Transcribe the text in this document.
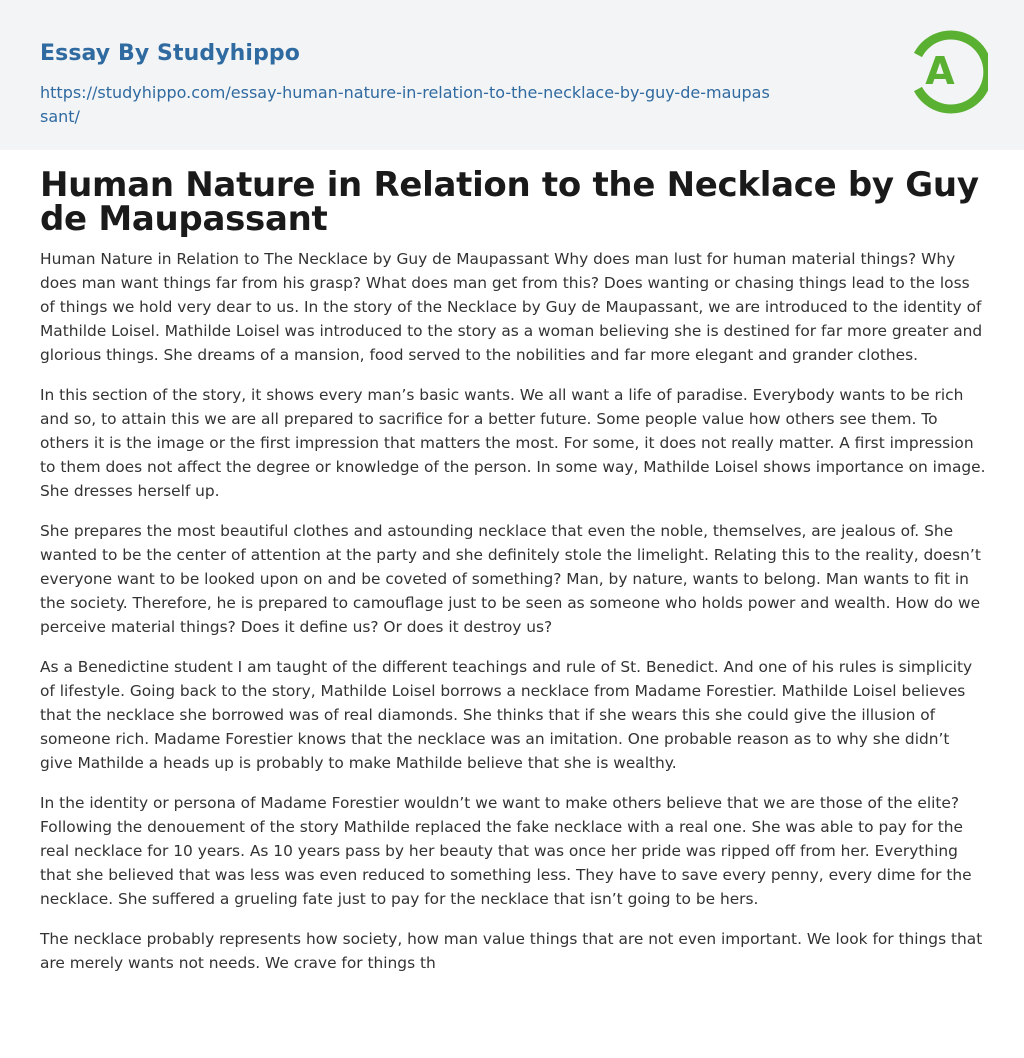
Essay By Studyhippo
https://studyhippo.com/essay-human-nature-in-relation-to-the-necklace-by-guy-de-maupassant/
A
Human Nature in Relation to the Necklace by Guy de Maupassant

Human Nature in Relation to The Necklace by Guy de Maupassant Why does man lust for human material things? Why does man want things far from his grasp? What does man get from this? Does wanting or chasing things lead to the loss of things we hold very dear to us. In the story of the Necklace by Guy de Maupassant, we are introduced to the identity of Mathilde Loisel. Mathilde Loisel was introduced to the story as a woman believing she is destined for far more greater and glorious things. She dreams of a mansion, food served to the nobilities and far more elegant and grander clothes.

In this section of the story, it shows every man’s basic wants. We all want a life of paradise. Everybody wants to be rich and so, to attain this we are all prepared to sacrifice for a better future. Some people value how others see them. To others it is the image or the first impression that matters the most. For some, it does not really matter. A first impression to them does not affect the degree or knowledge of the person. In some way, Mathilde Loisel shows importance on image. She dresses herself up.

She prepares the most beautiful clothes and astounding necklace that even the noble, themselves, are jealous of. She wanted to be the center of attention at the party and she definitely stole the limelight. Relating this to the reality, doesn’t everyone want to be looked upon on and be coveted of something? Man, by nature, wants to belong. Man wants to fit in the society. Therefore, he is prepared to camouflage just to be seen as someone who holds power and wealth. How do we perceive material things? Does it define us? Or does it destroy us?

As a Benedictine student I am taught of the different teachings and rule of St. Benedict. And one of his rules is simplicity of lifestyle. Going back to the story, Mathilde Loisel borrows a necklace from Madame Forestier. Mathilde Loisel believes that the necklace she borrowed was of real diamonds. She thinks that if she wears this she could give the illusion of someone rich. Madame Forestier knows that the necklace was an imitation. One probable reason as to why she didn’t give Mathilde a heads up is probably to make Mathilde believe that she is wealthy.

In the identity or persona of Madame Forestier wouldn’t we want to make others believe that we are those of the elite? Following the denouement of the story Mathilde replaced the fake necklace with a real one. She was able to pay for the real necklace for 10 years. As 10 years pass by her beauty that was once her pride was ripped off from her. Everything that she believed that was less was even reduced to something less. They have to save every penny, every dime for the necklace. She suffered a grueling fate just to pay for the necklace that isn’t going to be hers.

The necklace probably represents how society, how man value things that are not even important. We look for things that are merely wants not needs. We crave for things th
